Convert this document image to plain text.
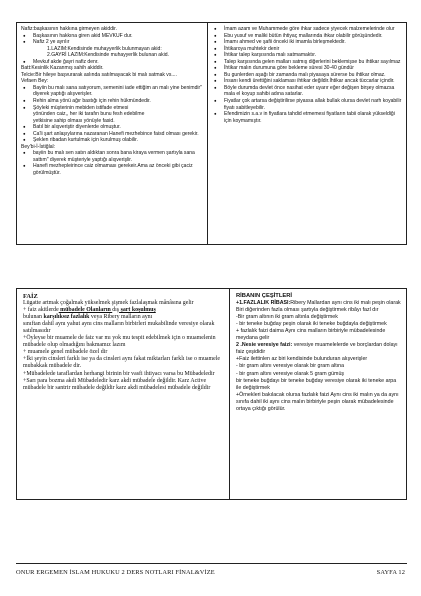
Nafiz:başkasının hakkına girmeyen akiddir.
● Başkasının hakkına giren akid MEVKUF dur.
● Nafiz 2 ye ayrılır
1.LAZIM:Kendisinde muhayyerlik bulunmayan akid:
2.GAYRİ LAZIM:Kendisinde muhayyerlik bulunan akid.
● Mevkuf akde ğayri nafiz denr.
Batt:Kesinlik Kazanmış sahih akiddir.
Telcie:Bir hileye başvurarak aslında satılmayacak bi malı satmak vs....
Vefaen Bey:
● Bayiin bu malı sana satıyorum, semenini iade ettiğim an malı yine benimdir" diyerek yaptığı alışverişler.
● Rehin alma yönü ağır bastığı için rehin hükmündedir.
● Şöyleki müşterinin mebiden istifade etmesi
yönünden caiz,, her iki tarafın bunu fesh edebilme
yetkisine sahip olması yönüyle fasid.
● Batıl bir alışveriştir diyenlerde olmuştur.
● Ca'li şart anlaşıylarına nazaranan Hanefi mezhebince faisd olması gerekir.
● Şeklen ribadan kurtulmak için kurulmuş olabilir.
Bey'bi-İ-İstiğlal:
● bayiin bu malı sen satın aldıktan sonra bana kiraya vermen şartıyla sana sattım" diyerek müşteriyle yaptığı alışverişlir.
● Hanefi mezhepleirince caiz olmaması gerekeir.Ama az önceki gibi çaciz görülmüştür.
● İmam azam ve Muhammede göre ihkar sadece yiyecek malzemelerinde olur
● Ebu yusuf ve maliki bütün ihtiyaç mallarında ihkar olabilir görüşündedir.
● İmamı ahmed ve şafii önceki iki imamla birleşmektedir.
● İhtikaroya muhtekir denir
● İhtikar talep karşısında malı satmamaktır.
● Talep karşısında gelen malları satmış diğerlerini beklemişse bu ihtikar sayılmaz
● İhtikar malın durumuna göre bekleme süresi 30-40 gündür
● Bu gunlerden aşağı bir zamanda malı piyasaya sürerse bu ihtikar olmaz.
● İnsanı kendi ürettiğini saklaması ihtikar değildir.İhtikar ancak tüccarlar içindir.
● Böyle durumda devlet önce nasihat eder uyarır eğer değişen birşey olmazsa mala el koyup sahibi adına satarlar.
● Fiyatlar çok artarsa değiştirilirse piyassa allak bullak olursa devlet narh koyabilir fiyatı sabitleyebilir.
● Efendimizin s.a.v in fiyatlara tahdid etmemesi fiyatların tabii olarak yükseldiği için koymamıştır.

FAİZ

Lügatte artmak çoğalmak yükselmek şişmek fazlalaşmak mânâsına gelir

+ faiz akitlerde mübadele Olanların dış şart koşulmuş

bulunan karşılıksız fazlalık veya Ribery malların aynı

sınıftan dahil aynı yahut aynı cins malların birbirleri mukabilinde veresiye olarak satılmasıdır

+Öyleyse bir muamele de faiz var mı yok mu tespit edebilmek için o muamelenin mübadele olup olmadığını bakmamız lazım

+ muamele genel mübadele özel dir

+İki şeyin cinsleri farklı ise ya da cinsleri aynı fakat miktarları farklı ise o muamele mubakkak mübadele dir.

+Mübadelede taraflardan herhangi birinin bir vasfi ihtiyacı varsa bu Mübadeledir

+Sarı para bozma akdi Mübadeledir karz akdi mübadele değildir. Karz Active mübadele bir santrir mübadele değildir karz akdi mübadelesi mübadele değildir

RİBANIN ÇEŞİTLERİ

+1.FAZLALIK RİBASI:Ribery Mallardan aynı cins iki malı peşin olarak Biri diğerinden fazla olması şartıyla değiştirmek ribâyı fazl dır

-Bir gram altının iki gram altınla değiştirmek

- bir teneke buğday peşin olarak iki teneke buğdayla değiştirmek

+ fazlalık faizi daima Aynı cins malların birbiriyle mübadelesinde meydana gelir

2 .Nesie veresiye faizi: veresiye muamelelerde ve borçlardan dolayı faiz çeşididir

+Faiz ilettinlen az biri kendisinde bulunduran alışverişler

- bir gram altını veresiye olarak bir gram altına

- bir gram altını veresiye olarak 5 gram gümüş

bir teneke buğdayı bir teneke buğday veresiye olarak iki teneke arpa ile değiştirmek

+Örnekleri bakılacak olursa fazlalık faizi Aynı cins iki malın ya da aynı sınıfa dahil iki aynı cins malın birbiriyle peşin olarak mübadelesinde ortaya çıktığı görülür.

ONUR ERGEMEN İSLAM HUKUKU 2 DERS NOTLARI FİNAL&VİZE	SAYFA 12
